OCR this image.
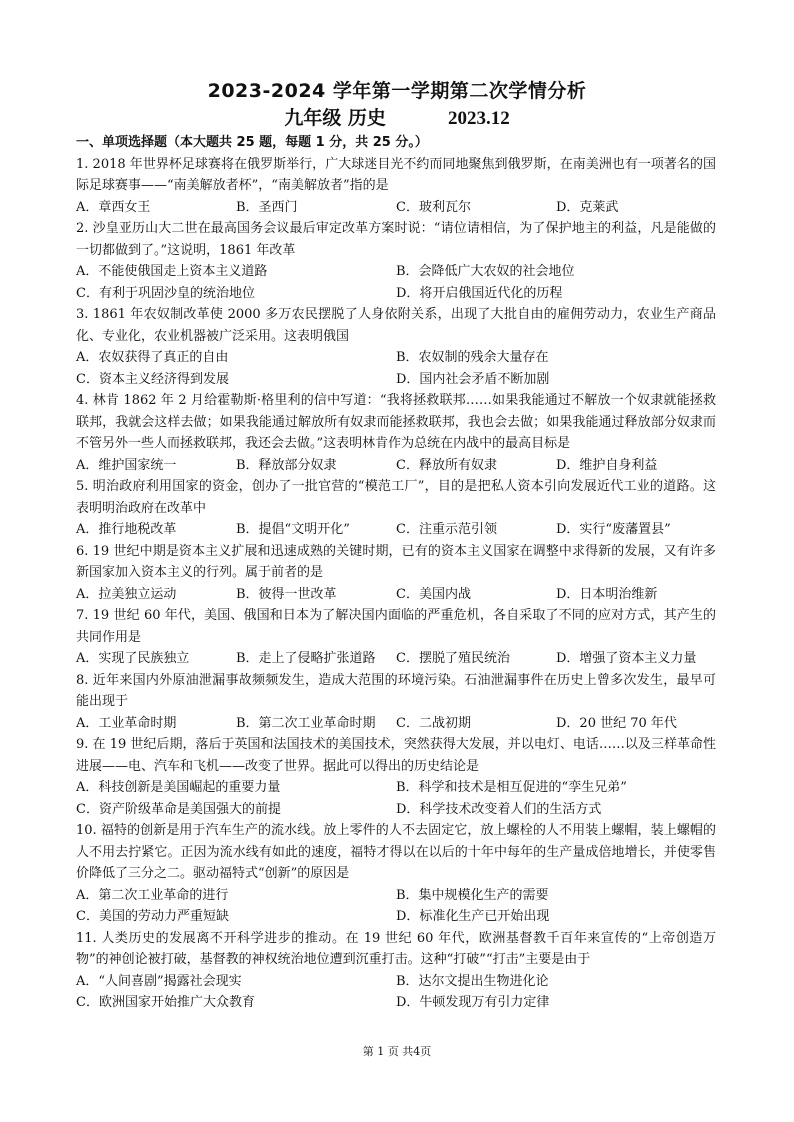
2023-2024 学年第一学期第二次学情分析
九年级 历史	2023.12
一、单项选择题（本大题共 25 题，每题 1 分，共 25 分。）

1. 2018 年世界杯足球赛将在俄罗斯举行，广大球迷目光不约而同地聚焦到俄罗斯，在南美洲也有一项著名的国际足球赛事——“南美解放者杯”，“南美解放者”指的是

A．章西女王	B．圣西门	C．玻利瓦尔	D．克莱武

2. 沙皇亚历山大二世在最高国务会议最后审定改革方案时说：“请位请相信，为了保护地主的利益，凡是能做的一切都做到了。”这说明，1861 年改革

A．不能使俄国走上资本主义道路	B．会降低广大农奴的社会地位
C．有利于巩固沙皇的统治地位	D．将开启俄国近代化的历程

3. 1861 年农奴制改革使 2000 多万农民摆脱了人身依附关系，出现了大批自由的雇佣劳动力，农业生产商品化、专业化，农业机器被广泛采用。这表明俄国

A．农奴获得了真正的自由	B．农奴制的残余大量存在
C．资本主义经济得到发展	D．国内社会矛盾不断加剧

4. 林肯 1862 年 2 月给霍勒斯·格里利的信中写道：“我将拯救联邦……如果我能通过不解放一个奴隶就能拯救联邦，我就会这样去做；如果我能通过解放所有奴隶而能拯救联邦，我也会去做；如果我能通过释放部分奴隶而不管另外一些人而拯救联邦，我还会去做。”这表明林肯作为总统在内战中的最高目标是

A．维护国家统一	B．释放部分奴隶	C．释放所有奴隶	D．维护自身利益

5. 明治政府利用国家的资金，创办了一批官营的“模范工厂”，目的是把私人资本引向发展近代工业的道路。这表明明治政府在改革中

A．推行地税改革	B．提倡“文明开化”	C．注重示范引领	D．实行“废藩置县”

6. 19 世纪中期是资本主义扩展和迅速成熟的关键时期，已有的资本主义国家在调整中求得新的发展，又有许多新国家加入资本主义的行列。属于前者的是

A．拉美独立运动	B．彼得一世改革	C．美国内战	D．日本明治维新

7. 19 世纪 60 年代，美国、俄国和日本为了解决国内面临的严重危机，各自采取了不同的应对方式，其产生的共同作用是

A．实现了民族独立	B．走上了侵略扩张道路	C．摆脱了殖民统治	D．增强了资本主义力量

8. 近年来国内外原油泄漏事故频频发生，造成大范围的环境污染。石油泄漏事件在历史上曾多次发生，最早可能出现于

A．工业革命时期	B．第二次工业革命时期	C．二战初期	D．20 世纪 70 年代

9. 在 19 世纪后期，落后于英国和法国技术的美国技术，突然获得大发展，并以电灯、电话……以及三样革命性进展——电、汽车和飞机——改变了世界。据此可以得出的历史结论是

A．科技创新是美国崛起的重要力量	B．科学和技术是相互促进的“孪生兄弟”
C．资产阶级革命是美国强大的前提	D．科学技术改变着人们的生活方式

10. 福特的创新是用于汽车生产的流水线。放上零件的人不去固定它，放上螺栓的人不用装上螺帽，装上螺帽的人不用去拧紧它。正因为流水线有如此的速度，福特才得以在以后的十年中每年的生产量成倍地增长，并使零售价降低了三分之二。驱动福特式“创新”的原因是

A．第二次工业革命的进行	B．集中规模化生产的需要
C．美国的劳动力严重短缺	D．标准化生产已开始出现

11. 人类历史的发展离不开科学进步的推动。在 19 世纪 60 年代，欧洲基督教千百年来宣传的“上帝创造万物”的神创论被打破，基督教的神权统治地位遭到沉重打击。这种“打破”“打击”主要是由于

A．“人间喜剧”揭露社会现实	B．达尔文提出生物进化论
C．欧洲国家开始推广大众教育	D．牛顿发现万有引力定律
第 1 页 共4页
